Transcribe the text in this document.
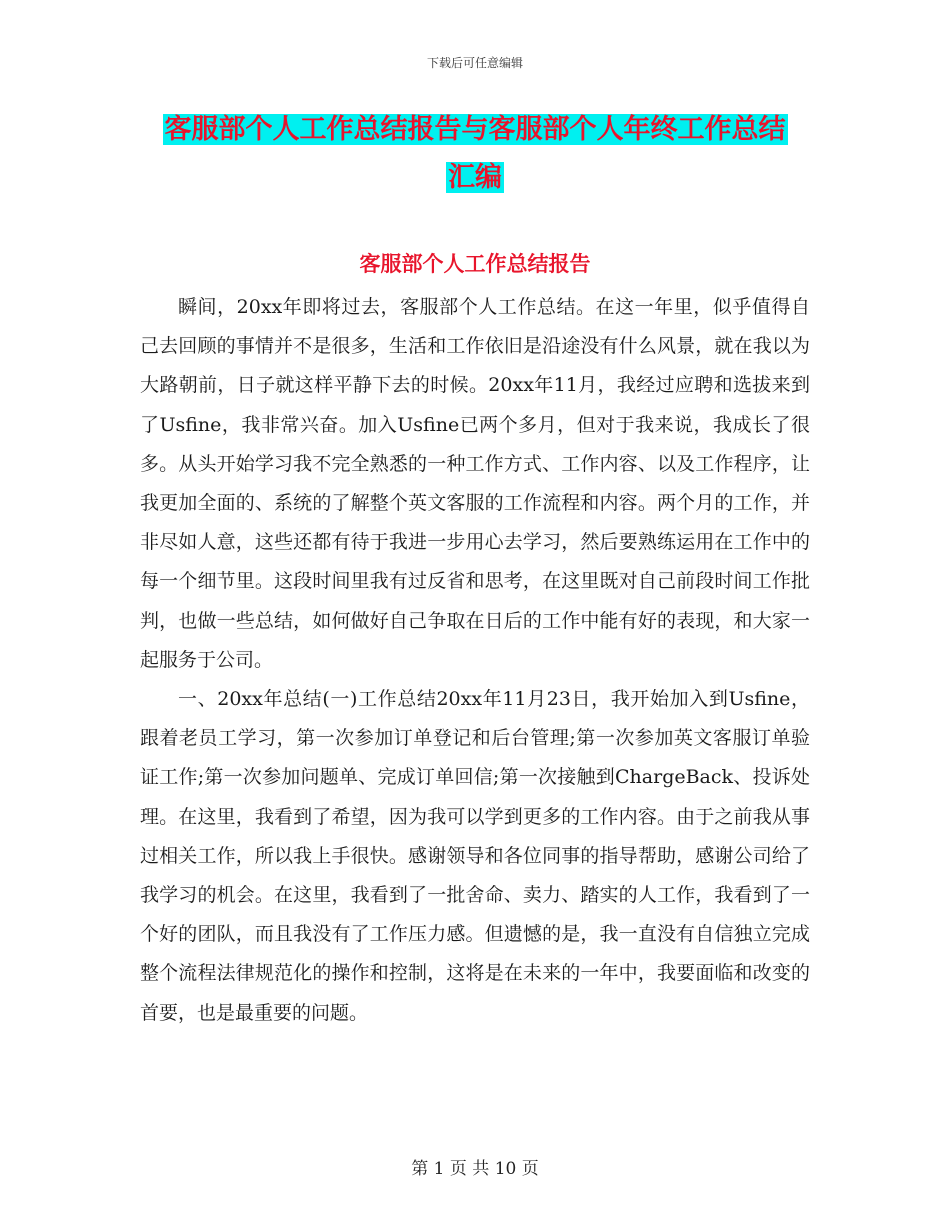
下载后可任意编辑
客服部个人工作总结报告与客服部个人年终工作总结
汇编
客服部个人工作总结报告

瞬间，20xx年即将过去，客服部个人工作总结。在这一年里，似乎值得自己去回顾的事情并不是很多，生活和工作依旧是沿途没有什么风景，就在我以为大路朝前，日子就这样平静下去的时候。20xx年11月，我经过应聘和选拔来到了Usfine，我非常兴奋。加入Usfine已两个多月，但对于我来说，我成长了很多。从头开始学习我不完全熟悉的一种工作方式、工作内容、以及工作程序，让我更加全面的、系统的了解整个英文客服的工作流程和内容。两个月的工作，并非尽如人意，这些还都有待于我进一步用心去学习，然后要熟练运用在工作中的每一个细节里。这段时间里我有过反省和思考，在这里既对自己前段时间工作批判，也做一些总结，如何做好自己争取在日后的工作中能有好的表现，和大家一起服务于公司。

一、20xx年总结(一)工作总结20xx年11月23日，我开始加入到Usfine，跟着老员工学习，第一次参加订单登记和后台管理;第一次参加英文客服订单验证工作;第一次参加问题单、完成订单回信;第一次接触到ChargeBack、投诉处理。在这里，我看到了希望，因为我可以学到更多的工作内容。由于之前我从事过相关工作，所以我上手很快。感谢领导和各位同事的指导帮助，感谢公司给了我学习的机会。在这里，我看到了一批舍命、卖力、踏实的人工作，我看到了一个好的团队，而且我没有了工作压力感。但遗憾的是，我一直没有自信独立完成整个流程法律规范化的操作和控制，这将是在未来的一年中，我要面临和改变的首要，也是最重要的问题。

第 1 页 共 10 页
